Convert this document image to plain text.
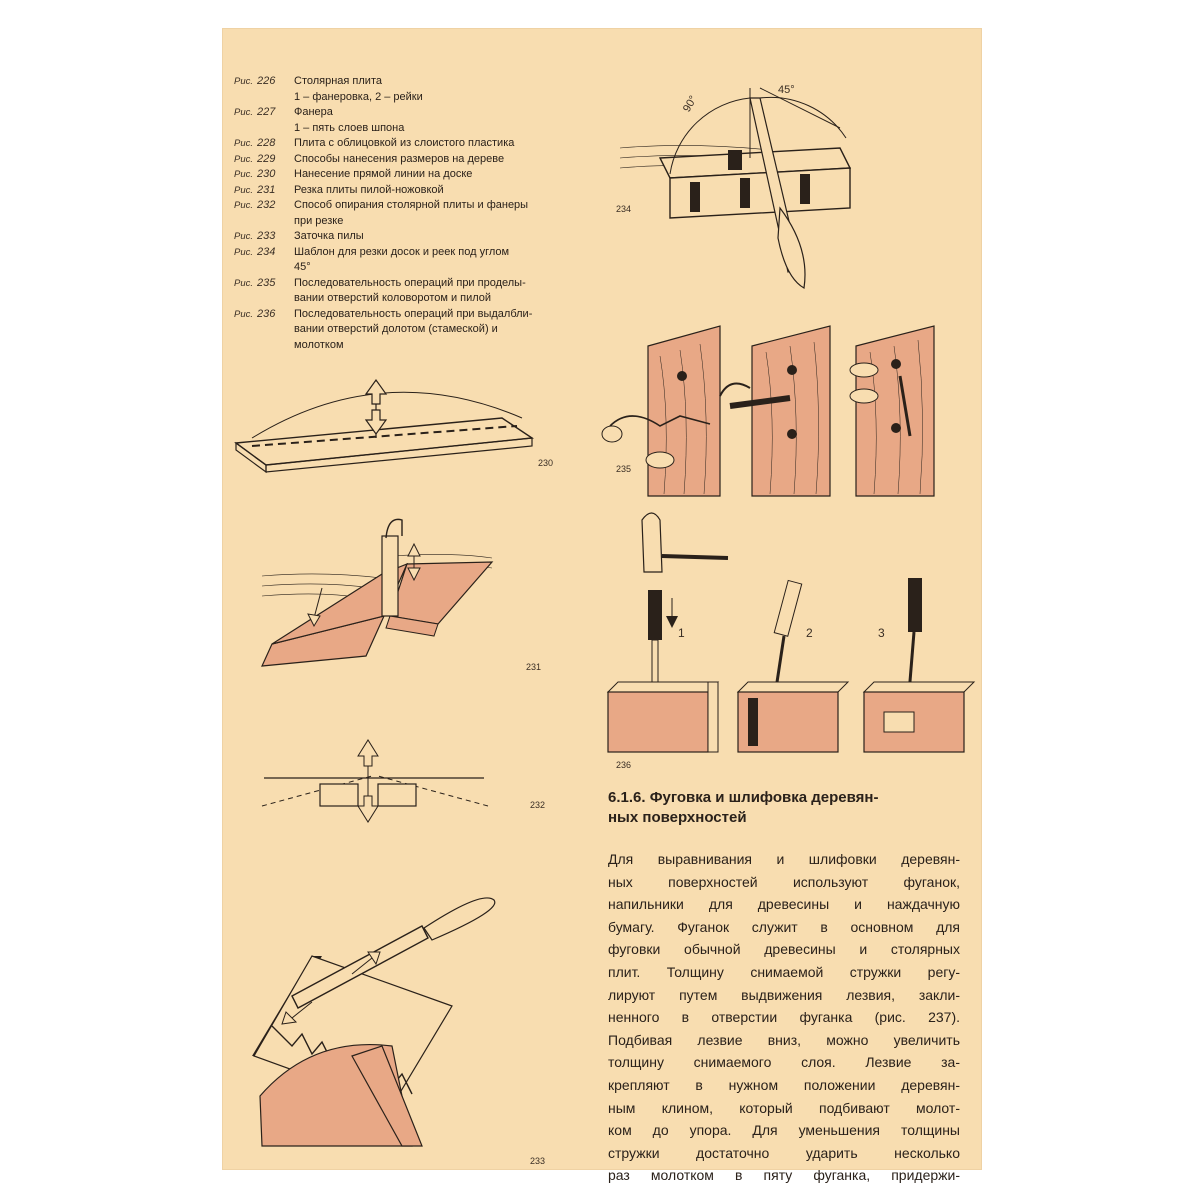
Рис. 226	Столярная плита
1 – фанеровка, 2 – рейки
Рис. 227	Фанера
1 – пять слоев шпона
Рис. 228	Плита с облицовкой из слоистого пластика
Рис. 229	Способы нанесения размеров на дереве
Рис. 230	Нанесение прямой линии на доске
Рис. 231	Резка плиты пилой-ножовкой
Рис. 232	Способ опирания столярной плиты и фанеры
при резке
Рис. 233	Заточка пилы
Рис. 234	Шаблон для резки досок и реек под углом
45°
Рис. 235	Последовательность операций при проделы-
вании отверстий коловоротом и пилой
Рис. 236	Последовательность операций при выдалбли-
вании отверстий долотом (стамеской) и
молотком
230
231
232
233
90°
45°
234
235
1	2	3
236
6.1.6. Фуговка и шлифовка деревян-
ных поверхностей
Для выравнивания и шлифовки деревян-
ных поверхностей используют фуганок,
напильники для древесины и наждачную
бумагу. Фуганок служит в основном для
фуговки обычной древесины и столярных
плит. Толщину снимаемой стружки регу-
лируют путем выдвижения лезвия, закли-
ненного в отверстии фуганка (рис. 237).
Подбивая лезвие вниз, можно увеличить
толщину снимаемого слоя. Лезвие за-
крепляют в нужном положении деревян-
ным клином, который подбивают молот-
ком до упора. Для уменьшения толщины
стружки достаточно ударить несколько
раз молотком в пяту фуганка, придержи-
